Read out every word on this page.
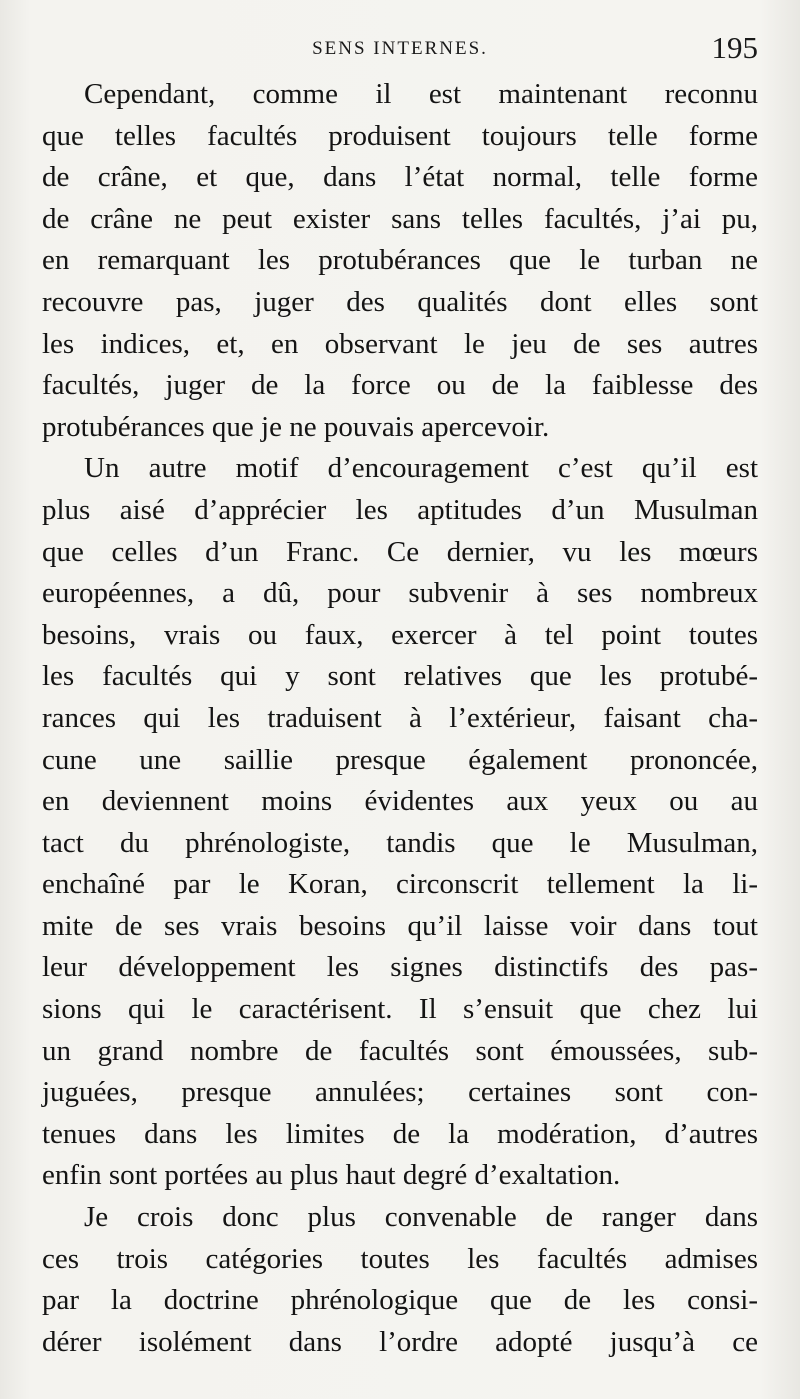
SENS INTERNES.	195
Cependant, comme il est maintenant reconnu
que telles facultés produisent toujours telle forme
de crâne, et que, dans l’état normal, telle forme
de crâne ne peut exister sans telles facultés, j’ai pu,
en remarquant les protubérances que le turban ne
recouvre pas, juger des qualités dont elles sont
les indices, et, en observant le jeu de ses autres
facultés, juger de la force ou de la faiblesse des
protubérances que je ne pouvais apercevoir.
Un autre motif d’encouragement c’est qu’il est
plus aisé d’apprécier les aptitudes d’un Musulman
que celles d’un Franc. Ce dernier, vu les mœurs
européennes, a dû, pour subvenir à ses nombreux
besoins, vrais ou faux, exercer à tel point toutes
les facultés qui y sont relatives que les protubé-
rances qui les traduisent à l’extérieur, faisant cha-
cune une saillie presque également prononcée,
en deviennent moins évidentes aux yeux ou au
tact du phrénologiste, tandis que le Musulman,
enchaîné par le Koran, circonscrit tellement la li-
mite de ses vrais besoins qu’il laisse voir dans tout
leur développement les signes distinctifs des pas-
sions qui le caractérisent. Il s’ensuit que chez lui
un grand nombre de facultés sont émoussées, sub-
juguées, presque annulées; certaines sont con-
tenues dans les limites de la modération, d’autres
enfin sont portées au plus haut degré d’exaltation.
Je crois donc plus convenable de ranger dans
ces trois catégories toutes les facultés admises
par la doctrine phrénologique que de les consi-
dérer isolément dans l’ordre adopté jusqu’à ce
